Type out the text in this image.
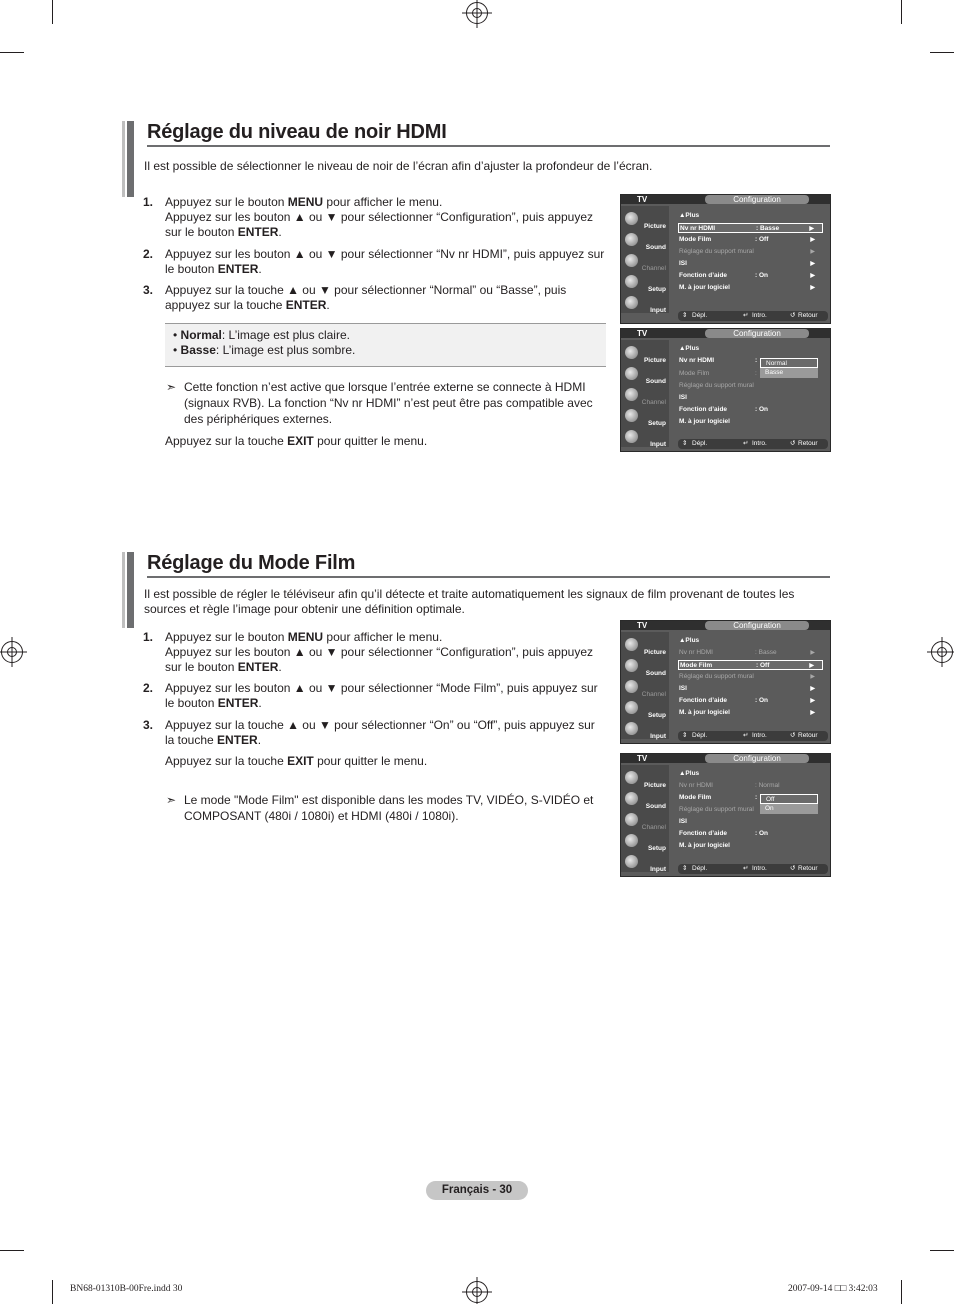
Réglage du niveau de noir HDMI
Il est possible de sélectionner le niveau de noir de l’écran afin d’ajuster la profondeur de l’écran.
1. Appuyez sur le bouton MENU pour afficher le menu.
Appuyez sur les bouton ▲ ou ▼ pour sélectionner “Configuration”, puis appuyez sur le bouton ENTER.
2. Appuyez sur les bouton ▲ ou ▼ pour sélectionner “Nv nr HDMI”, puis appuyez sur le bouton ENTER.
3. Appuyez sur la touche ▲ ou ▼ pour sélectionner “Normal” ou “Basse”, puis appuyez sur la touche ENTER.
• Normal: L’image est plus claire.
• Basse: L’image est plus sombre.
➣ Cette fonction n’est active que lorsque l’entrée externe se connecte à HDMI (signaux RVB). La fonction “Nv nr HDMI” n’est peut être pas compatible avec des périphériques externes.
Appuyez sur la touche EXIT pour quitter le menu.
TV	Configuration
Picture
Sound
Channel
Setup
Input
▲Plus
Nv nr HDMI	: Basse	▶
Mode Film	: Off	▶
Réglage du support mural	▶
ISI	▶
Fonction d’aide	: On	▶
M. à jour logiciel	▶
⇕ Dépl.	↵ Intro.	↺ Retour
TV	Configuration
Picture
Sound
Channel
Setup
Input
▲Plus
Nv nr HDMI	:
Mode Film	:
Réglage du support mural
ISI
Fonction d’aide	: On
M. à jour logiciel
Normal
Basse
⇕ Dépl.	↵ Intro.	↺ Retour
Réglage du Mode Film
Il est possible de régler le téléviseur afin qu’il détecte et traite automatiquement les signaux de film provenant de toutes les sources et règle l’image pour obtenir une définition optimale.
1. Appuyez sur le bouton MENU pour afficher le menu.
Appuyez sur les bouton ▲ ou ▼ pour sélectionner “Configuration”, puis appuyez sur le bouton ENTER.
2. Appuyez sur les bouton ▲ ou ▼ pour sélectionner “Mode Film”, puis appuyez sur le bouton ENTER.
3. Appuyez sur la touche ▲ ou ▼ pour sélectionner “On” ou “Off”, puis appuyez sur la touche ENTER.
Appuyez sur la touche EXIT pour quitter le menu.
➣ Le mode "Mode Film" est disponible dans les modes TV, VIDÉO, S-VIDÉO et COMPOSANT (480i / 1080i) et HDMI (480i / 1080i).
TV	Configuration
Picture
Sound
Channel
Setup
Input
▲Plus
Nv nr HDMI	: Basse	▶
Mode Film	: Off	▶
Réglage du support mural	▶
ISI	▶
Fonction d’aide	: On	▶
M. à jour logiciel	▶
⇕ Dépl.	↵ Intro.	↺ Retour
TV	Configuration
Picture
Sound
Channel
Setup
Input
▲Plus
Nv nr HDMI	: Normal
Mode Film	:
Réglage du support mural
ISI
Fonction d’aide	: On
M. à jour logiciel
Off
On
⇕ Dépl.	↵ Intro.	↺ Retour
Français - 30
BN68-01310B-00Fre.indd 30	2007-09-14 □□ 3:42:03
